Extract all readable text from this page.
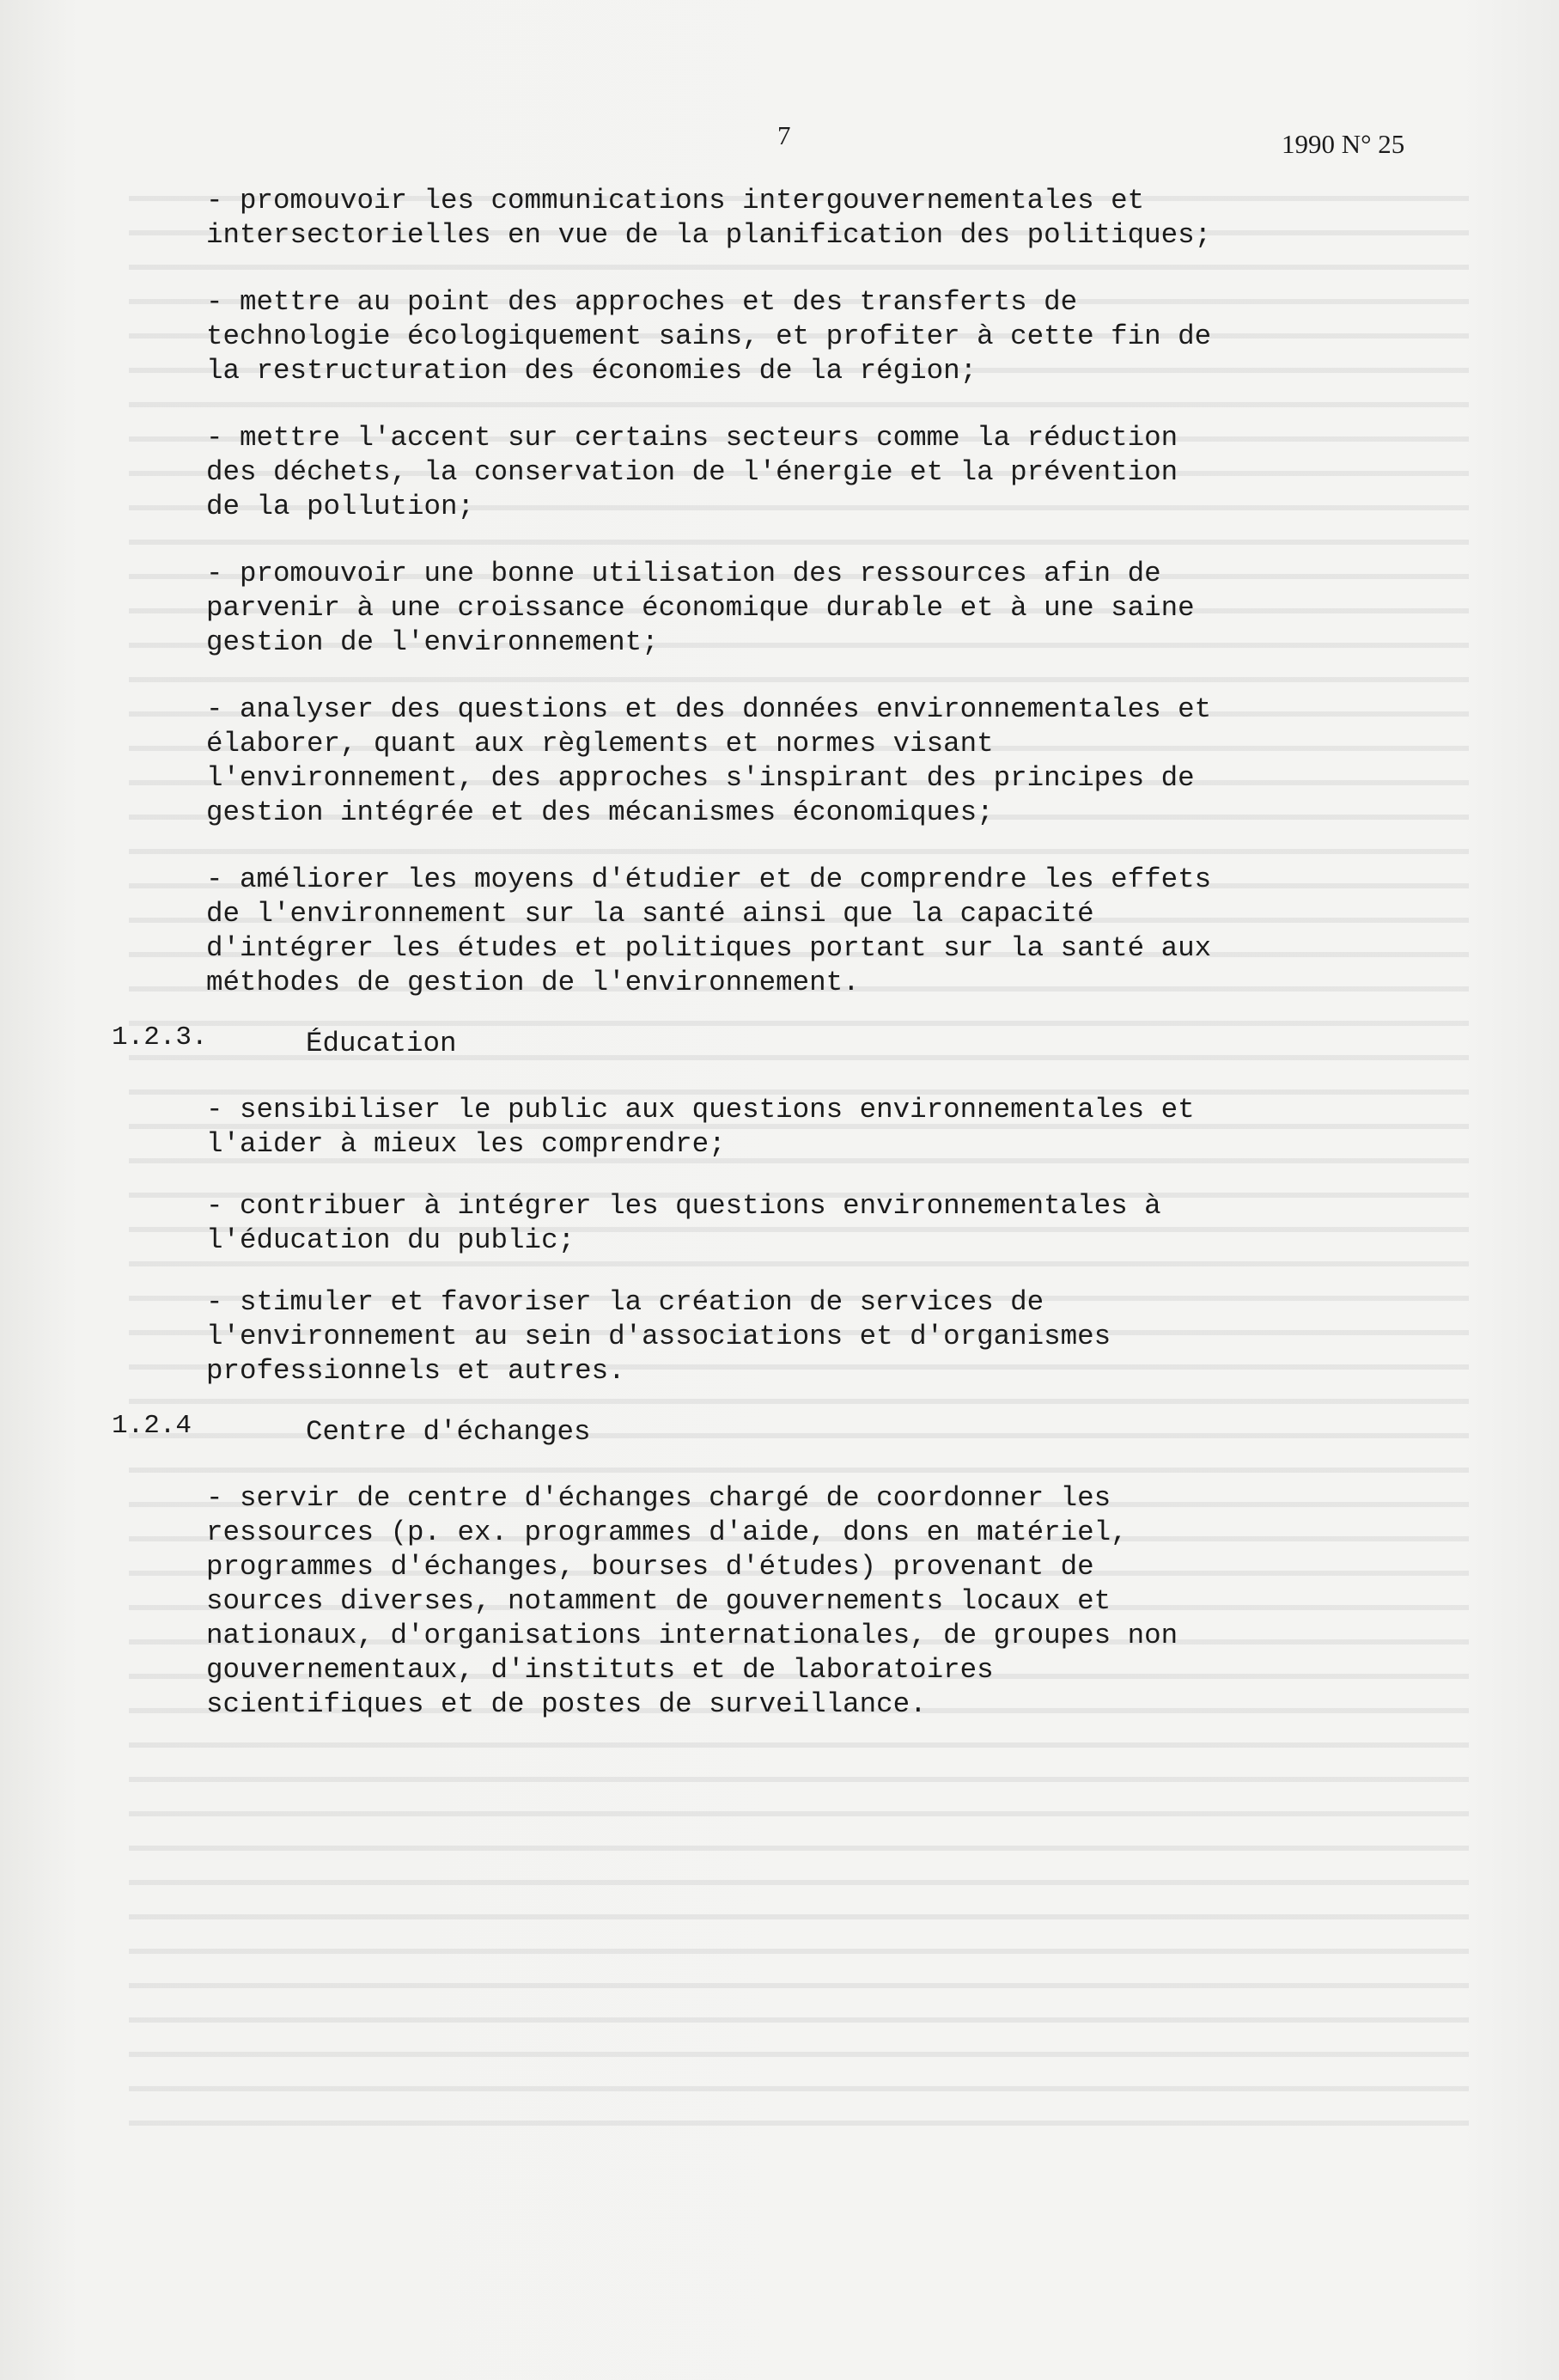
7	1990 N° 25

- promouvoir les communications intergouvernementales et
intersectorielles en vue de la planification des politiques;

- mettre au point des approches et des transferts de
technologie écologiquement sains, et profiter à cette fin de
la restructuration des économies de la région;

- mettre l'accent sur certains secteurs comme la réduction
des déchets, la conservation de l'énergie et la prévention
de la pollution;

- promouvoir une bonne utilisation des ressources afin de
parvenir à une croissance économique durable et à une saine
gestion de l'environnement;

- analyser des questions et des données environnementales et
élaborer, quant aux règlements et normes visant
l'environnement, des approches s'inspirant des principes de
gestion intégrée et des mécanismes économiques;

- améliorer les moyens d'étudier et de comprendre les effets
de l'environnement sur la santé ainsi que la capacité
d'intégrer les études et politiques portant sur la santé aux
méthodes de gestion de l'environnement.

1.2.3.	Éducation

- sensibiliser le public aux questions environnementales et
l'aider à mieux les comprendre;

- contribuer à intégrer les questions environnementales à
l'éducation du public;

- stimuler et favoriser la création de services de
l'environnement au sein d'associations et d'organismes
professionnels et autres.

1.2.4	Centre d'échanges

- servir de centre d'échanges chargé de coordonner les
ressources (p. ex. programmes d'aide, dons en matériel,
programmes d'échanges, bourses d'études) provenant de
sources diverses, notamment de gouvernements locaux et
nationaux, d'organisations internationales, de groupes non
gouvernementaux, d'instituts et de laboratoires
scientifiques et de postes de surveillance.
